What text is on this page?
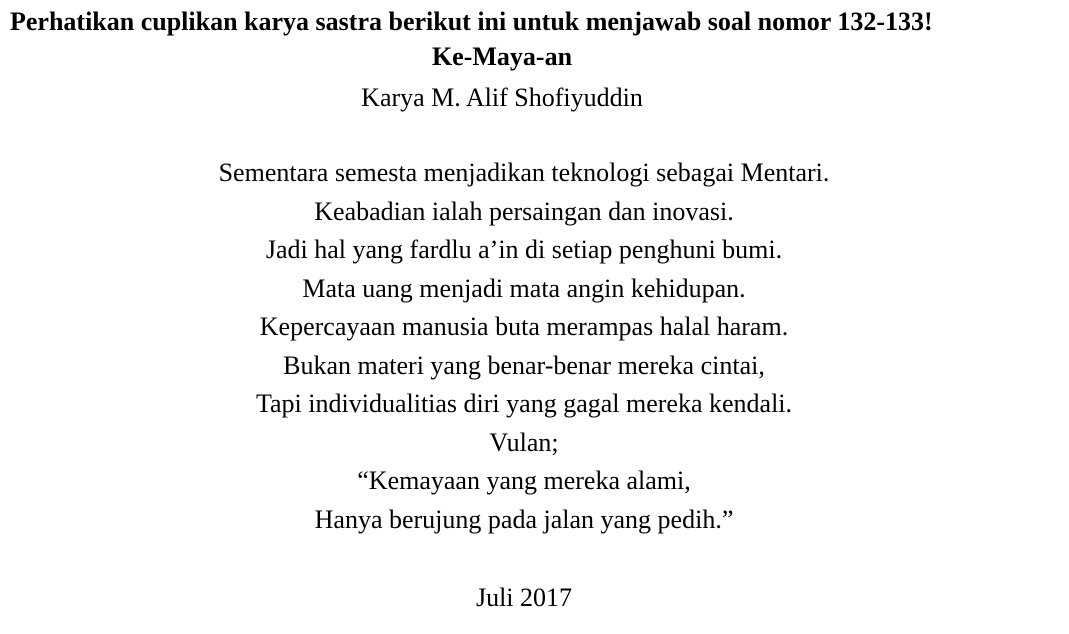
Perhatikan cuplikan karya sastra berikut ini untuk menjawab soal nomor 132-133!
Ke-Maya-an
Karya M. Alif Shofiyuddin
Sementara semesta menjadikan teknologi sebagai Mentari.
Keabadian ialah persaingan dan inovasi.
Jadi hal yang fardlu a’in di setiap penghuni bumi.
Mata uang menjadi mata angin kehidupan.
Kepercayaan manusia buta merampas halal haram.
Bukan materi yang benar-benar mereka cintai,
Tapi individualitias diri yang gagal mereka kendali.
Vulan;
“Kemayaan yang mereka alami,
Hanya berujung pada jalan yang pedih.”
Juli 2017
